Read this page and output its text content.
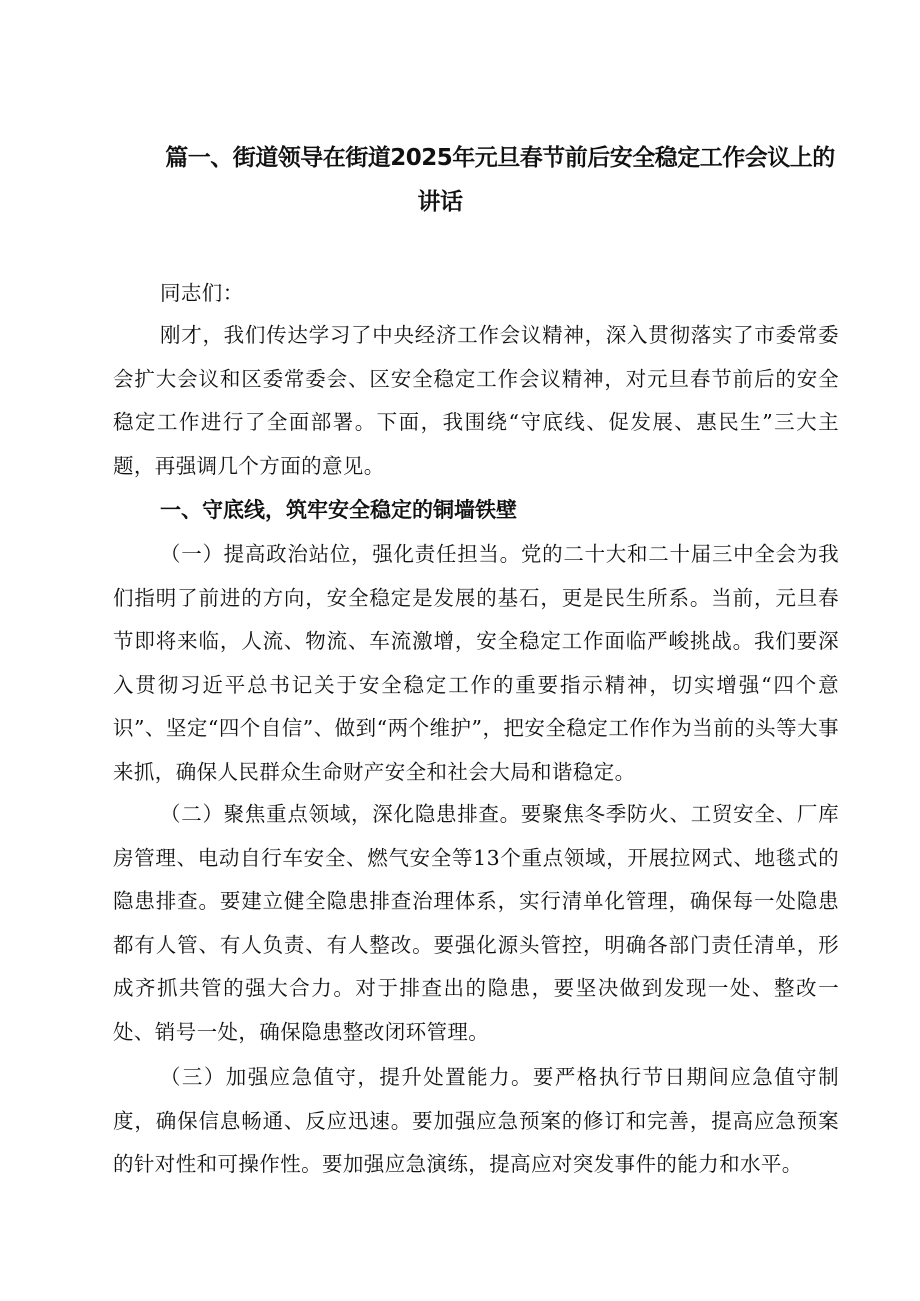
篇一、街道领导在街道2025年元旦春节前后安全稳定工作会议上的
讲话
同志们：
刚才，我们传达学习了中央经济工作会议精神，深入贯彻落实了市委常委会扩大会议和区委常委会、区安全稳定工作会议精神，对元旦春节前后的安全稳定工作进行了全面部署。下面，我围绕“守底线、促发展、惠民生”三大主题，再强调几个方面的意见。
一、守底线，筑牢安全稳定的铜墙铁壁
（一）提高政治站位，强化责任担当。党的二十大和二十届三中全会为我们指明了前进的方向，安全稳定是发展的基石，更是民生所系。当前，元旦春节即将来临，人流、物流、车流激增，安全稳定工作面临严峻挑战。我们要深入贯彻习近平总书记关于安全稳定工作的重要指示精神，切实增强“四个意识”、坚定“四个自信”、做到“两个维护”，把安全稳定工作作为当前的头等大事来抓，确保人民群众生命财产安全和社会大局和谐稳定。
（二）聚焦重点领域，深化隐患排查。要聚焦冬季防火、工贸安全、厂库房管理、电动自行车安全、燃气安全等13个重点领域，开展拉网式、地毯式的隐患排查。要建立健全隐患排查治理体系，实行清单化管理，确保每一处隐患都有人管、有人负责、有人整改。要强化源头管控，明确各部门责任清单，形成齐抓共管的强大合力。对于排查出的隐患，要坚决做到发现一处、整改一处、销号一处，确保隐患整改闭环管理。
（三）加强应急值守，提升处置能力。要严格执行节日期间应急值守制度，确保信息畅通、反应迅速。要加强应急预案的修订和完善，提高应急预案的针对性和可操作性。要加强应急演练，提高应对突发事件的能力和水平。
